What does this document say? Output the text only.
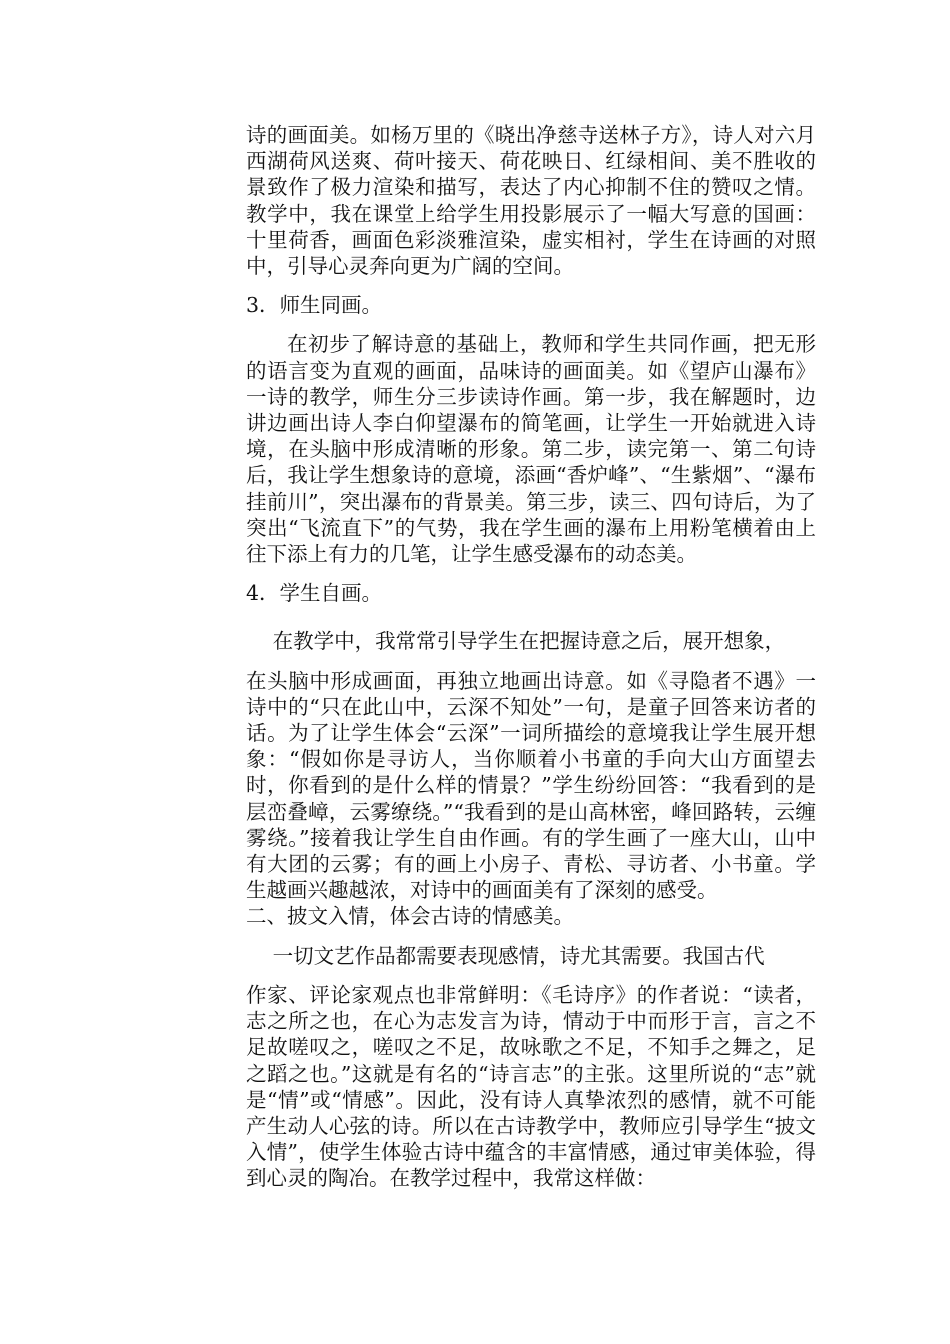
诗的画面美。如杨万里的《晓出净慈寺送林子方》，诗人对六月西湖荷风送爽、荷叶接天、荷花映日、红绿相间、美不胜收的景致作了极力渲染和描写，表达了内心抑制不住的赞叹之情。教学中，我在课堂上给学生用投影展示了一幅大写意的国画：十里荷香，画面色彩淡雅渲染，虚实相衬，学生在诗画的对照中，引导心灵奔向更为广阔的空间。

3．师生同画。

在初步了解诗意的基础上，教师和学生共同作画，把无形的语言变为直观的画面，品味诗的画面美。如《望庐山瀑布》一诗的教学，师生分三步读诗作画。第一步，我在解题时，边讲边画出诗人李白仰望瀑布的简笔画，让学生一开始就进入诗境，在头脑中形成清晰的形象。第二步，读完第一、第二句诗后，我让学生想象诗的意境，添画“香炉峰”、“生紫烟”、“瀑布挂前川”，突出瀑布的背景美。第三步，读三、四句诗后，为了突出“飞流直下”的气势，我在学生画的瀑布上用粉笔横着由上往下添上有力的几笔，让学生感受瀑布的动态美。

4．学生自画。

在教学中，我常常引导学生在把握诗意之后，展开想象，

在头脑中形成画面，再独立地画出诗意。如《寻隐者不遇》一诗中的“只在此山中，云深不知处”一句，是童子回答来访者的话。为了让学生体会“云深”一词所描绘的意境我让学生展开想象：“假如你是寻访人，当你顺着小书童的手向大山方面望去时，你看到的是什么样的情景？”学生纷纷回答：“我看到的是层峦叠嶂，云雾缭绕。”“我看到的是山高林密，峰回路转，云缠雾绕。”接着我让学生自由作画。有的学生画了一座大山，山中有大团的云雾；有的画上小房子、青松、寻访者、小书童。学生越画兴趣越浓，对诗中的画面美有了深刻的感受。

二、披文入情，体会古诗的情感美。

一切文艺作品都需要表现感情，诗尤其需要。我国古代

作家、评论家观点也非常鲜明：《毛诗序》的作者说：“读者，志之所之也，在心为志发言为诗，情动于中而形于言，言之不足故嗟叹之，嗟叹之不足，故咏歌之不足，不知手之舞之，足之蹈之也。”这就是有名的“诗言志”的主张。这里所说的“志”就是“情”或“情感”。因此，没有诗人真挚浓烈的感情，就不可能产生动人心弦的诗。所以在古诗教学中，教师应引导学生“披文入情”，使学生体验古诗中蕴含的丰富情感，通过审美体验，得到心灵的陶冶。在教学过程中，我常这样做：
